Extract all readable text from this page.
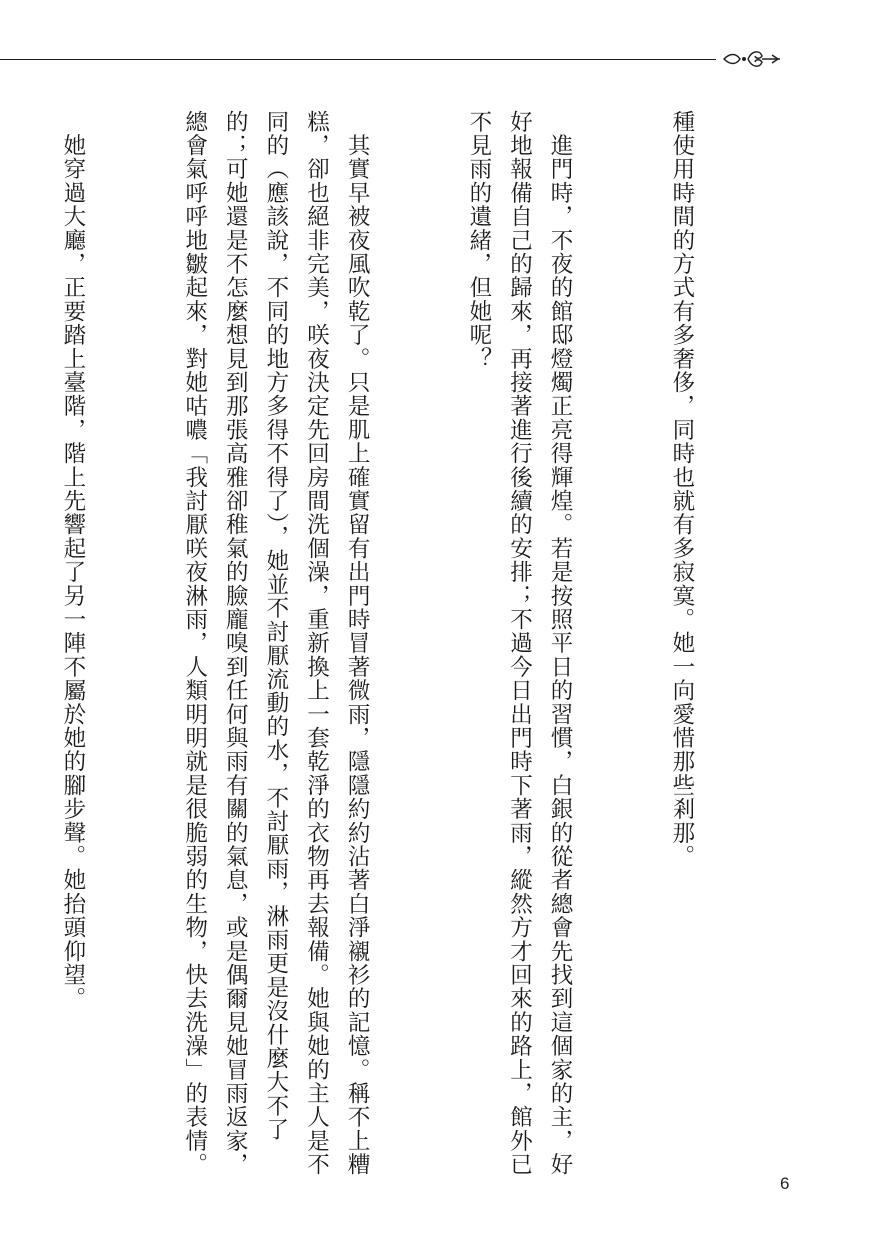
種使用時間的方式有多奢侈，同時也就有多寂寞。她一向愛惜那些剎那。

　進門時，不夜的館邸燈燭正亮得輝煌。若是按照平日的習慣，白銀的從者總會先找到這個家的主，好好地報備自己的歸來，再接著進行後續的安排；不過今日出門時下著雨，縱然方才回來的路上，館外已不見雨的遺緒，但她呢？

　其實早被夜風吹乾了。只是肌上確實留有出門時冒著微雨，隱隱約約沾著白淨襯衫的記憶。稱不上糟糕，卻也絕非完美，咲夜決定先回房間洗個澡，重新換上一套乾淨的衣物再去報備。她與她的主人是不同的（應該說，不同的地方多得不得了），她並不討厭流動的水，不討厭雨，淋雨更是沒什麼大不了的；可她還是不怎麼想見到那張高雅卻稚氣的臉龐嗅到任何與雨有關的氣息，或是偶爾見她冒雨返家，總會氣呼呼地皺起來，對她咕噥「我討厭咲夜淋雨，人類明明就是很脆弱的生物，快去洗澡」的表情。

　她穿過大廳，正要踏上臺階，階上先響起了另一陣不屬於她的腳步聲。她抬頭仰望。

6
